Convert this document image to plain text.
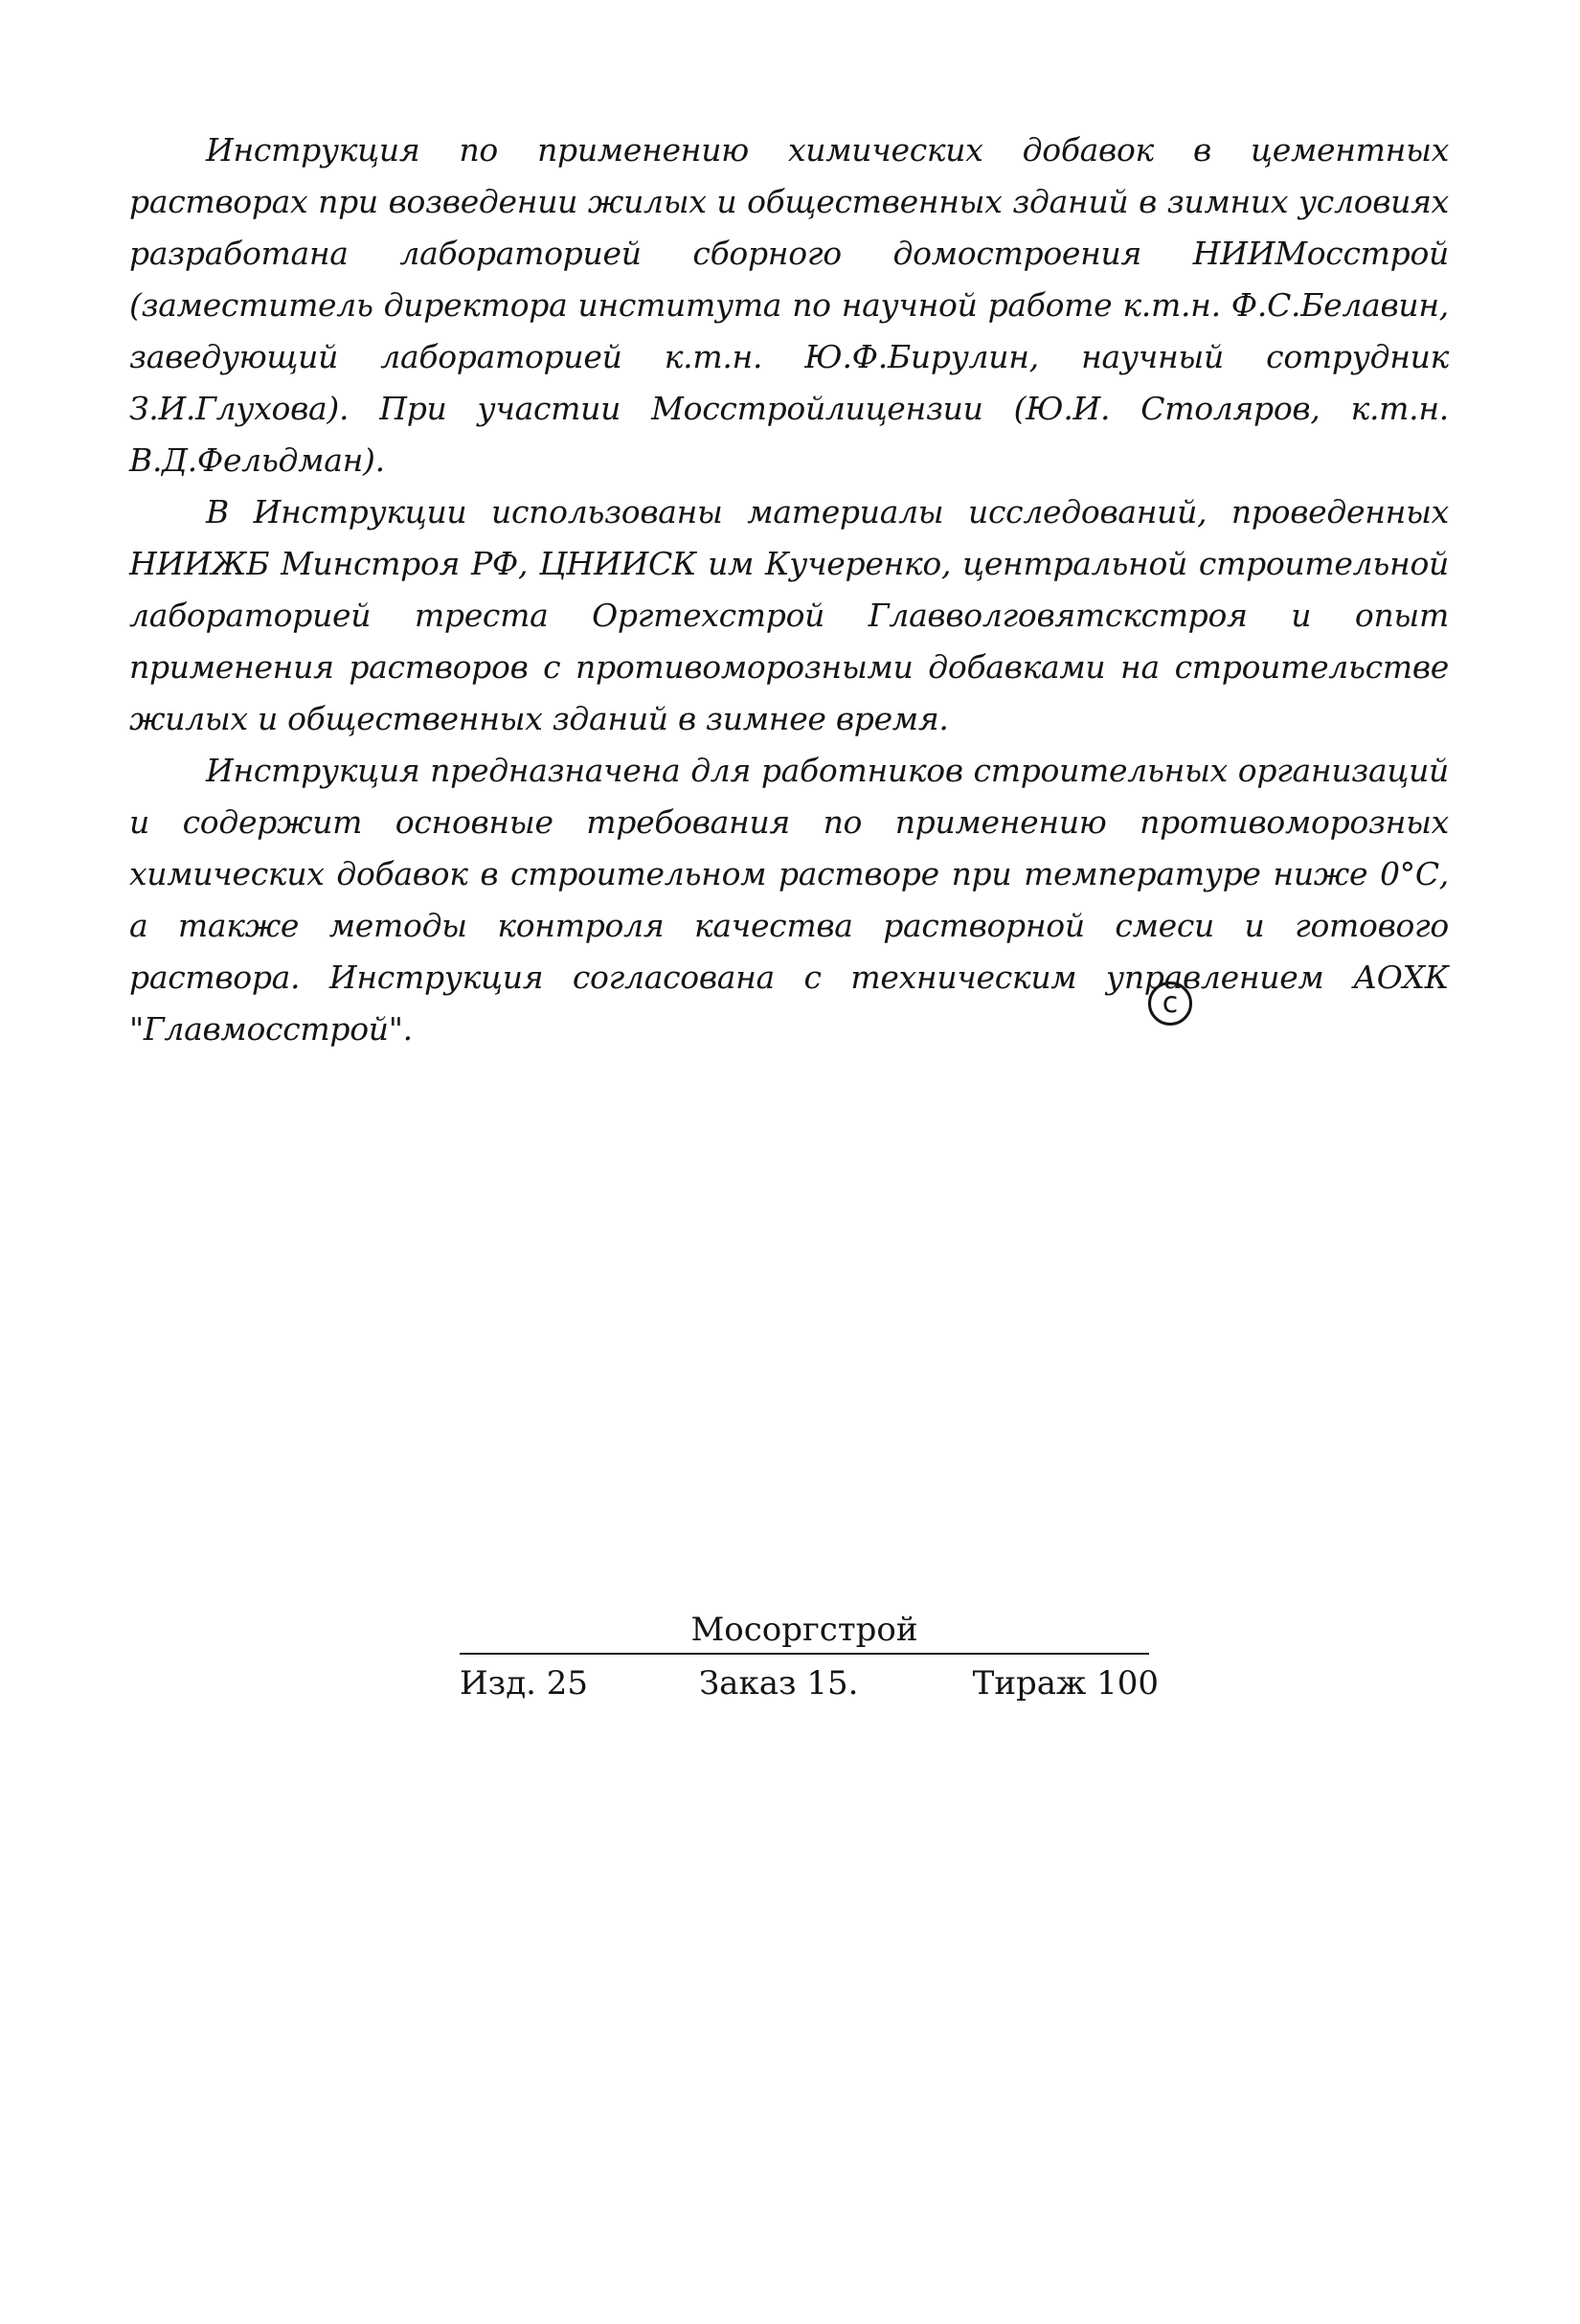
Инструкция по применению химических добавок в цементных растворах при возведении жилых и общественных зданий в зимних условиях разработана лабораторией сборного домостроения НИИМосстрой (заместитель директора института по научной работе к.т.н. Ф.С.Белавин, заведующий лабораторией к.т.н. Ю.Ф.Бирулин, научный сотрудник З.И.Глухова). При участии Мосстройлицензии (Ю.И. Столяров, к.т.н. В.Д.Фельдман).

В Инструкции использованы материалы исследований, проведенных НИИЖБ Минстроя РФ, ЦНИИСК им Кучеренко, центральной строительной лабораторией треста Оргтехстрой Главволговятскстроя и опыт применения растворов с противоморозными добавками на строительстве жилых и общественных зданий в зимнее время.

Инструкция предназначена для работников строительных организаций и содержит основные требования по применению противоморозных химических добавок в строительном растворе при температуре ниже 0°С, а также методы контроля качества растворной смеси и готового раствора. Инструкция согласована с техническим управлением АОХК "Главмосстрой".

c
Мосоргстрой
Изд. 25	Заказ 15.	Тираж 100
